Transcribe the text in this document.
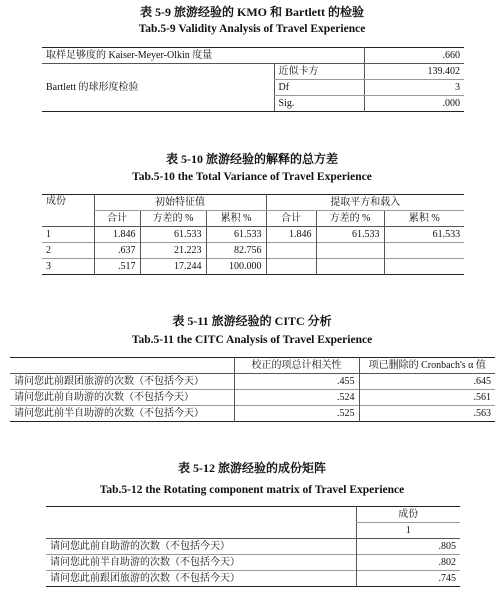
表 5-9 旅游经验的 KMO 和 Bartlett 的检验
Tab.5-9 Validity Analysis of Travel Experience
取样足够度的 Kaiser-Meyer-Olkin 度量		.660
Bartlett 的球形度检验	近似卡方	139.402
	Df	3
	Sig.	.000
表 5-10 旅游经验的解释的总方差
Tab.5-10 the Total Variance of Travel Experience
成份	初始特征值			提取平方和载入		
	合计	方差的 %	累积 %	合计	方差的 %	累积 %
1	1.846	61.533	61.533	1.846	61.533	61.533
2	.637	21.223	82.756			
3	.517	17.244	100.000			
表 5-11 旅游经验的 CITC 分析
Tab.5-11 the CITC Analysis of Travel Experience
	校正的项总计相关性	项已删除的 Cronbach's α 值
请问您此前跟团旅游的次数（不包括今天）	.455	.645
请问您此前自助游的次数（不包括今天）	.524	.561
请问您此前半自助游的次数（不包括今天）	.525	.563
表 5-12 旅游经验的成份矩阵
Tab.5-12 the Rotating component matrix of Travel Experience
	成份
	1
请问您此前自助游的次数（不包括今天）	.805
请问您此前半自助游的次数（不包括今天）	.802
请问您此前跟团旅游的次数（不包括今天）	.745
